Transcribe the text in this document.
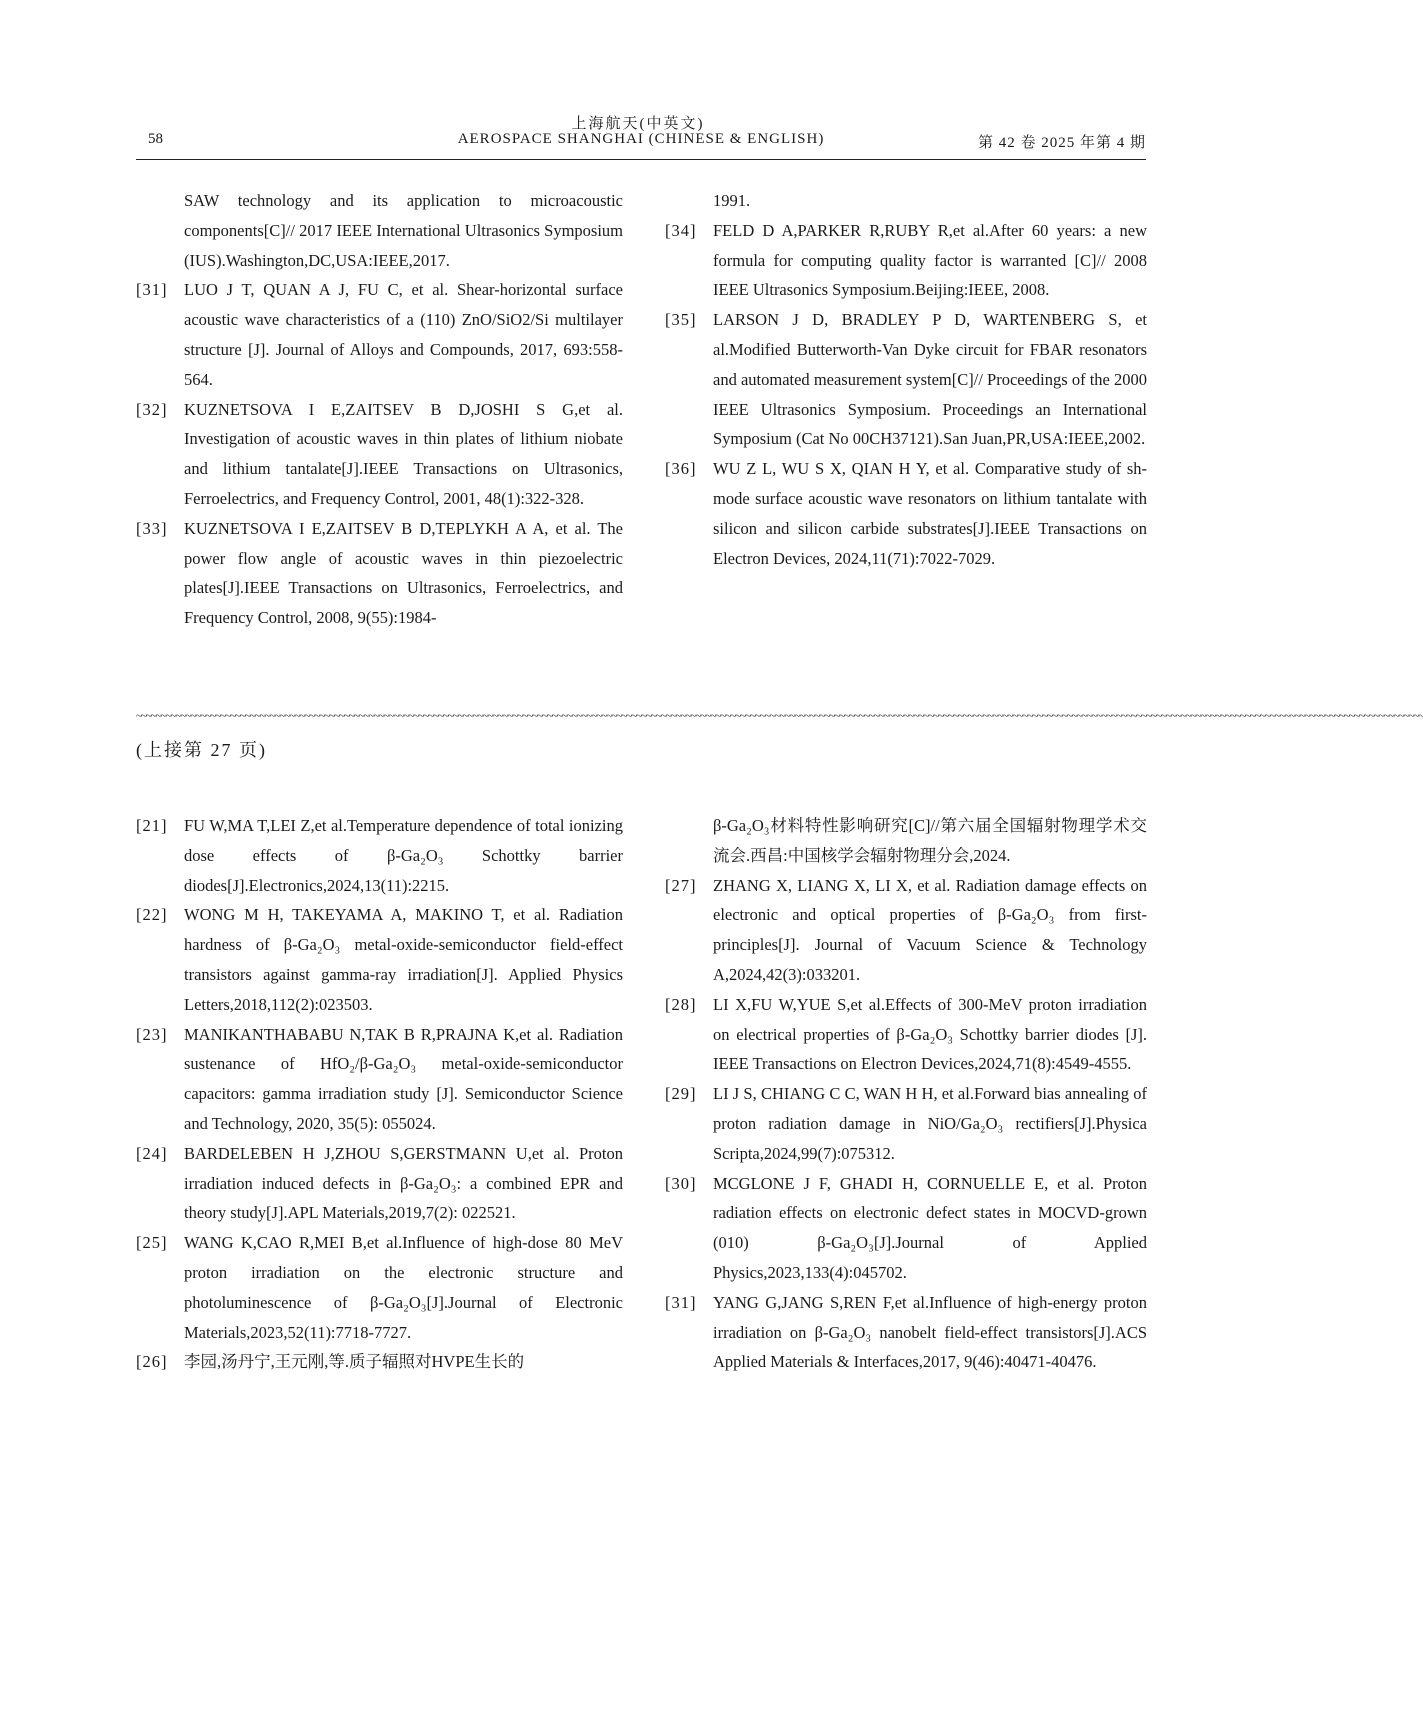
上海航天(中英文)
58	AEROSPACE SHANGHAI (CHINESE & ENGLISH)	第 42 卷 2025 年第 4 期
SAW technology and its application to microacoustic components[C]// 2017 IEEE International Ultrasonics Symposium (IUS).Washington,DC,USA:IEEE,2017.
[31] LUO J T, QUAN A J, FU C, et al. Shear-horizontal surface acoustic wave characteristics of a (110) ZnO/SiO2/Si multilayer structure [J]. Journal of Alloys and Compounds, 2017, 693:558-564.
[32] KUZNETSOVA I E,ZAITSEV B D,JOSHI S G,et al. Investigation of acoustic waves in thin plates of lithium niobate and lithium tantalate[J].IEEE Transactions on Ultrasonics, Ferroelectrics, and Frequency Control, 2001, 48(1):322-328.
[33] KUZNETSOVA I E,ZAITSEV B D,TEPLYKH A A, et al. The power flow angle of acoustic waves in thin piezoelectric plates[J].IEEE Transactions on Ultrasonics, Ferroelectrics, and Frequency Control, 2008, 9(55):1984-
1991.
[34] FELD D A,PARKER R,RUBY R,et al.After 60 years: a new formula for computing quality factor is warranted [C]// 2008 IEEE Ultrasonics Symposium.Beijing:IEEE, 2008.
[35] LARSON J D, BRADLEY P D, WARTENBERG S, et al.Modified Butterworth-Van Dyke circuit for FBAR resonators and automated measurement system[C]// Proceedings of the 2000 IEEE Ultrasonics Symposium. Proceedings an International Symposium (Cat No 00CH37121).San Juan,PR,USA:IEEE,2002.
[36] WU Z L, WU S X, QIAN H Y, et al. Comparative study of sh-mode surface acoustic wave resonators on lithium tantalate with silicon and silicon carbide substrates[J].IEEE Transactions on Electron Devices, 2024,11(71):7022-7029.
~~~~~~~~~~~~~~~~~~~~~~~~~~~~~~~~~~~~~~~~~~~~~~~~~~~~~~~~~~~~~~~~~~~~~~~~~~~~~~~~~~~~~~~~~~~~~~~~~~~~~~~~~~~~~~~~~~~~~~~~~~~~~~~~~~~~~~~~~~~~~~~~~~~~~~~~~~~~~~~~~~~~~~~~~~~~~~~~~~~~~~~~~~~~~~~~~~~~~~~~~~~~~~~~~~~~~~~~~~~~~~~~~~~~~~~~~~~~~~~~~~~~~~~~~~~~~~~~~~~~
(上接第 27 页)
[21] FU W,MA T,LEI Z,et al.Temperature dependence of total ionizing dose effects of β-Ga₂O₃ Schottky barrier diodes[J].Electronics,2024,13(11):2215.
[22] WONG M H, TAKEYAMA A, MAKINO T, et al. Radiation hardness of β-Ga₂O₃ metal-oxide-semiconductor field-effect transistors against gamma-ray irradiation[J]. Applied Physics Letters,2018,112(2):023503.
[23] MANIKANTHABABU N,TAK B R,PRAJNA K,et al. Radiation sustenance of HfO₂/β-Ga₂O₃ metal-oxide-semiconductor capacitors: gamma irradiation study [J]. Semiconductor Science and Technology, 2020, 35(5): 055024.
[24] BARDELEBEN H J,ZHOU S,GERSTMANN U,et al. Proton irradiation induced defects in β-Ga₂O₃: a combined EPR and theory study[J].APL Materials,2019,7(2): 022521.
[25] WANG K,CAO R,MEI B,et al.Influence of high-dose 80 MeV proton irradiation on the electronic structure and photoluminescence of β-Ga₂O₃[J].Journal of Electronic Materials,2023,52(11):7718-7727.
[26] 李园,汤丹宁,王元刚,等.质子辐照对HVPE生长的
β-Ga₂O₃材料特性影响研究[C]//第六届全国辐射物理学术交流会.西昌:中国核学会辐射物理分会,2024.
[27] ZHANG X, LIANG X, LI X, et al. Radiation damage effects on electronic and optical properties of β-Ga₂O₃ from first-principles[J]. Journal of Vacuum Science & Technology A,2024,42(3):033201.
[28] LI X,FU W,YUE S,et al.Effects of 300-MeV proton irradiation on electrical properties of β-Ga₂O₃ Schottky barrier diodes [J]. IEEE Transactions on Electron Devices,2024,71(8):4549-4555.
[29] LI J S, CHIANG C C, WAN H H, et al.Forward bias annealing of proton radiation damage in NiO/Ga₂O₃ rectifiers[J].Physica Scripta,2024,99(7):075312.
[30] MCGLONE J F, GHADI H, CORNUELLE E, et al. Proton radiation effects on electronic defect states in MOCVD-grown (010) β-Ga₂O₃[J].Journal of Applied Physics,2023,133(4):045702.
[31] YANG G,JANG S,REN F,et al.Influence of high-energy proton irradiation on β-Ga₂O₃ nanobelt field-effect transistors[J].ACS Applied Materials & Interfaces,2017, 9(46):40471-40476.
